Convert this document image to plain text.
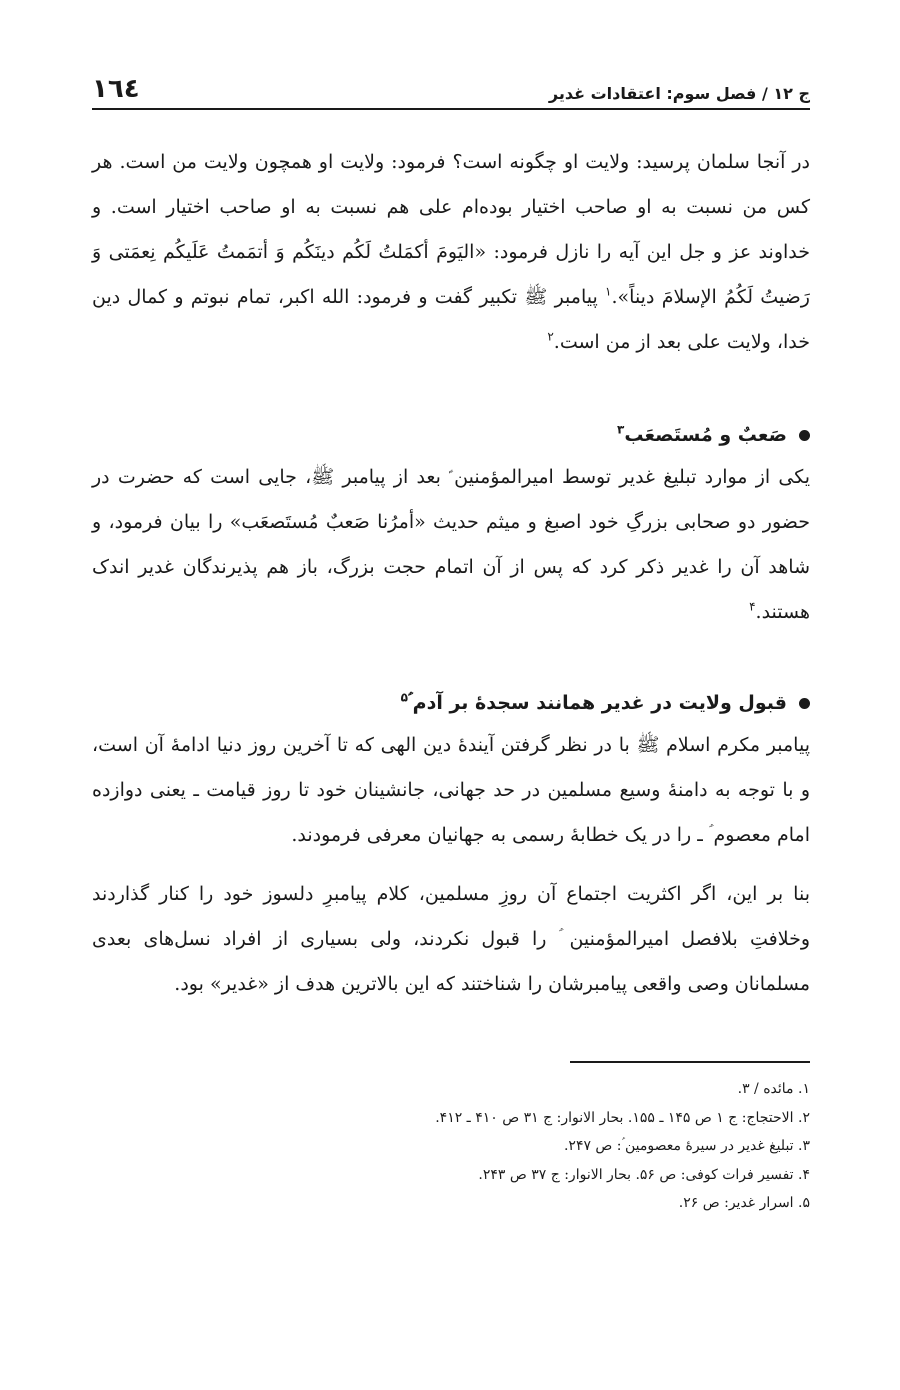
ج ١٢ / فصل سوم: اعتقادات غدیر
١٦٤

در آنجا سلمان پرسید: ولایت او چگونه است؟ فرمود: ولایت او همچون ولایت من است. هر کس من نسبت به او صاحب اختیار بوده‌ام علی هم نسبت به او صاحب اختیار است. و خداوند عز و جل این آیه را نازل فرمود: «الیَومَ أکمَلتُ لَکُم دینَکُم وَ أتمَمتُ عَلَیکُم نِعمَتی وَ رَضیتُ لَکُمُ الإسلامَ دیناً».$^١$ پیامبر ﷺ تکبیر گفت و فرمود: الله اکبر، تمام نبوتم و کمال دین خدا، ولایت علی بعد از من است.$^٢$

صَعبٌ و مُستَصعَب$^٣$

یکی از موارد تبلیغ غدیر توسط امیرالمؤمنین ؑ بعد از پیامبر ﷺ، جایی است که حضرت در حضور دو صحابی بزرگِ خود اصبغ و میثم حدیث «أمرُنا صَعبٌ مُستَصعَب» را بیان فرمود، و شاهد آن را غدیر ذکر کرد که پس از آن اتمام حجت بزرگ، باز هم پذیرندگان غدیر اندک هستند.$^۴$

قبول ولایت در غدیر همانند سجدهٔ بر آدم ؑ$^۵$

پیامبر مکرم اسلام ﷺ با در نظر گرفتن آیندهٔ دین الهی که تا آخرین روز دنیا ادامهٔ آن است، و با توجه به دامنهٔ وسیع مسلمین در حد جهانی، جانشینان خود تا روز قیامت ـ یعنی دوازده امام معصوم ؑ ـ را در یک خطابهٔ رسمی به جهانیان معرفی فرمودند.

بنا بر این، اگر اکثریت اجتماع آن روزِ مسلمین، کلام پیامبرِ دلسوز خود را کنار گذاردند وخلافتِ بلافصل امیرالمؤمنین ؑ را قبول نکردند، ولی بسیاری از افراد نسل‌های بعدی مسلمانان وصی واقعی پیامبرشان را شناختند که این بالاترین هدف از «غدیر» بود.

١. مائده / ٣.

٢. الاحتجاج: ج ١ ص ١۴۵ ـ ١۵۵. بحار الانوار: ج ٣١ ص ۴١٠ ـ ۴١٢.

٣. تبلیغ غدیر در سیرهٔ معصومین ؑ: ص ٢۴٧.

۴. تفسیر فرات کوفی: ص ۵۶. بحار الانوار: ج ٣٧ ص ٢۴٣.

۵. اسرار غدیر: ص ٢۶.
